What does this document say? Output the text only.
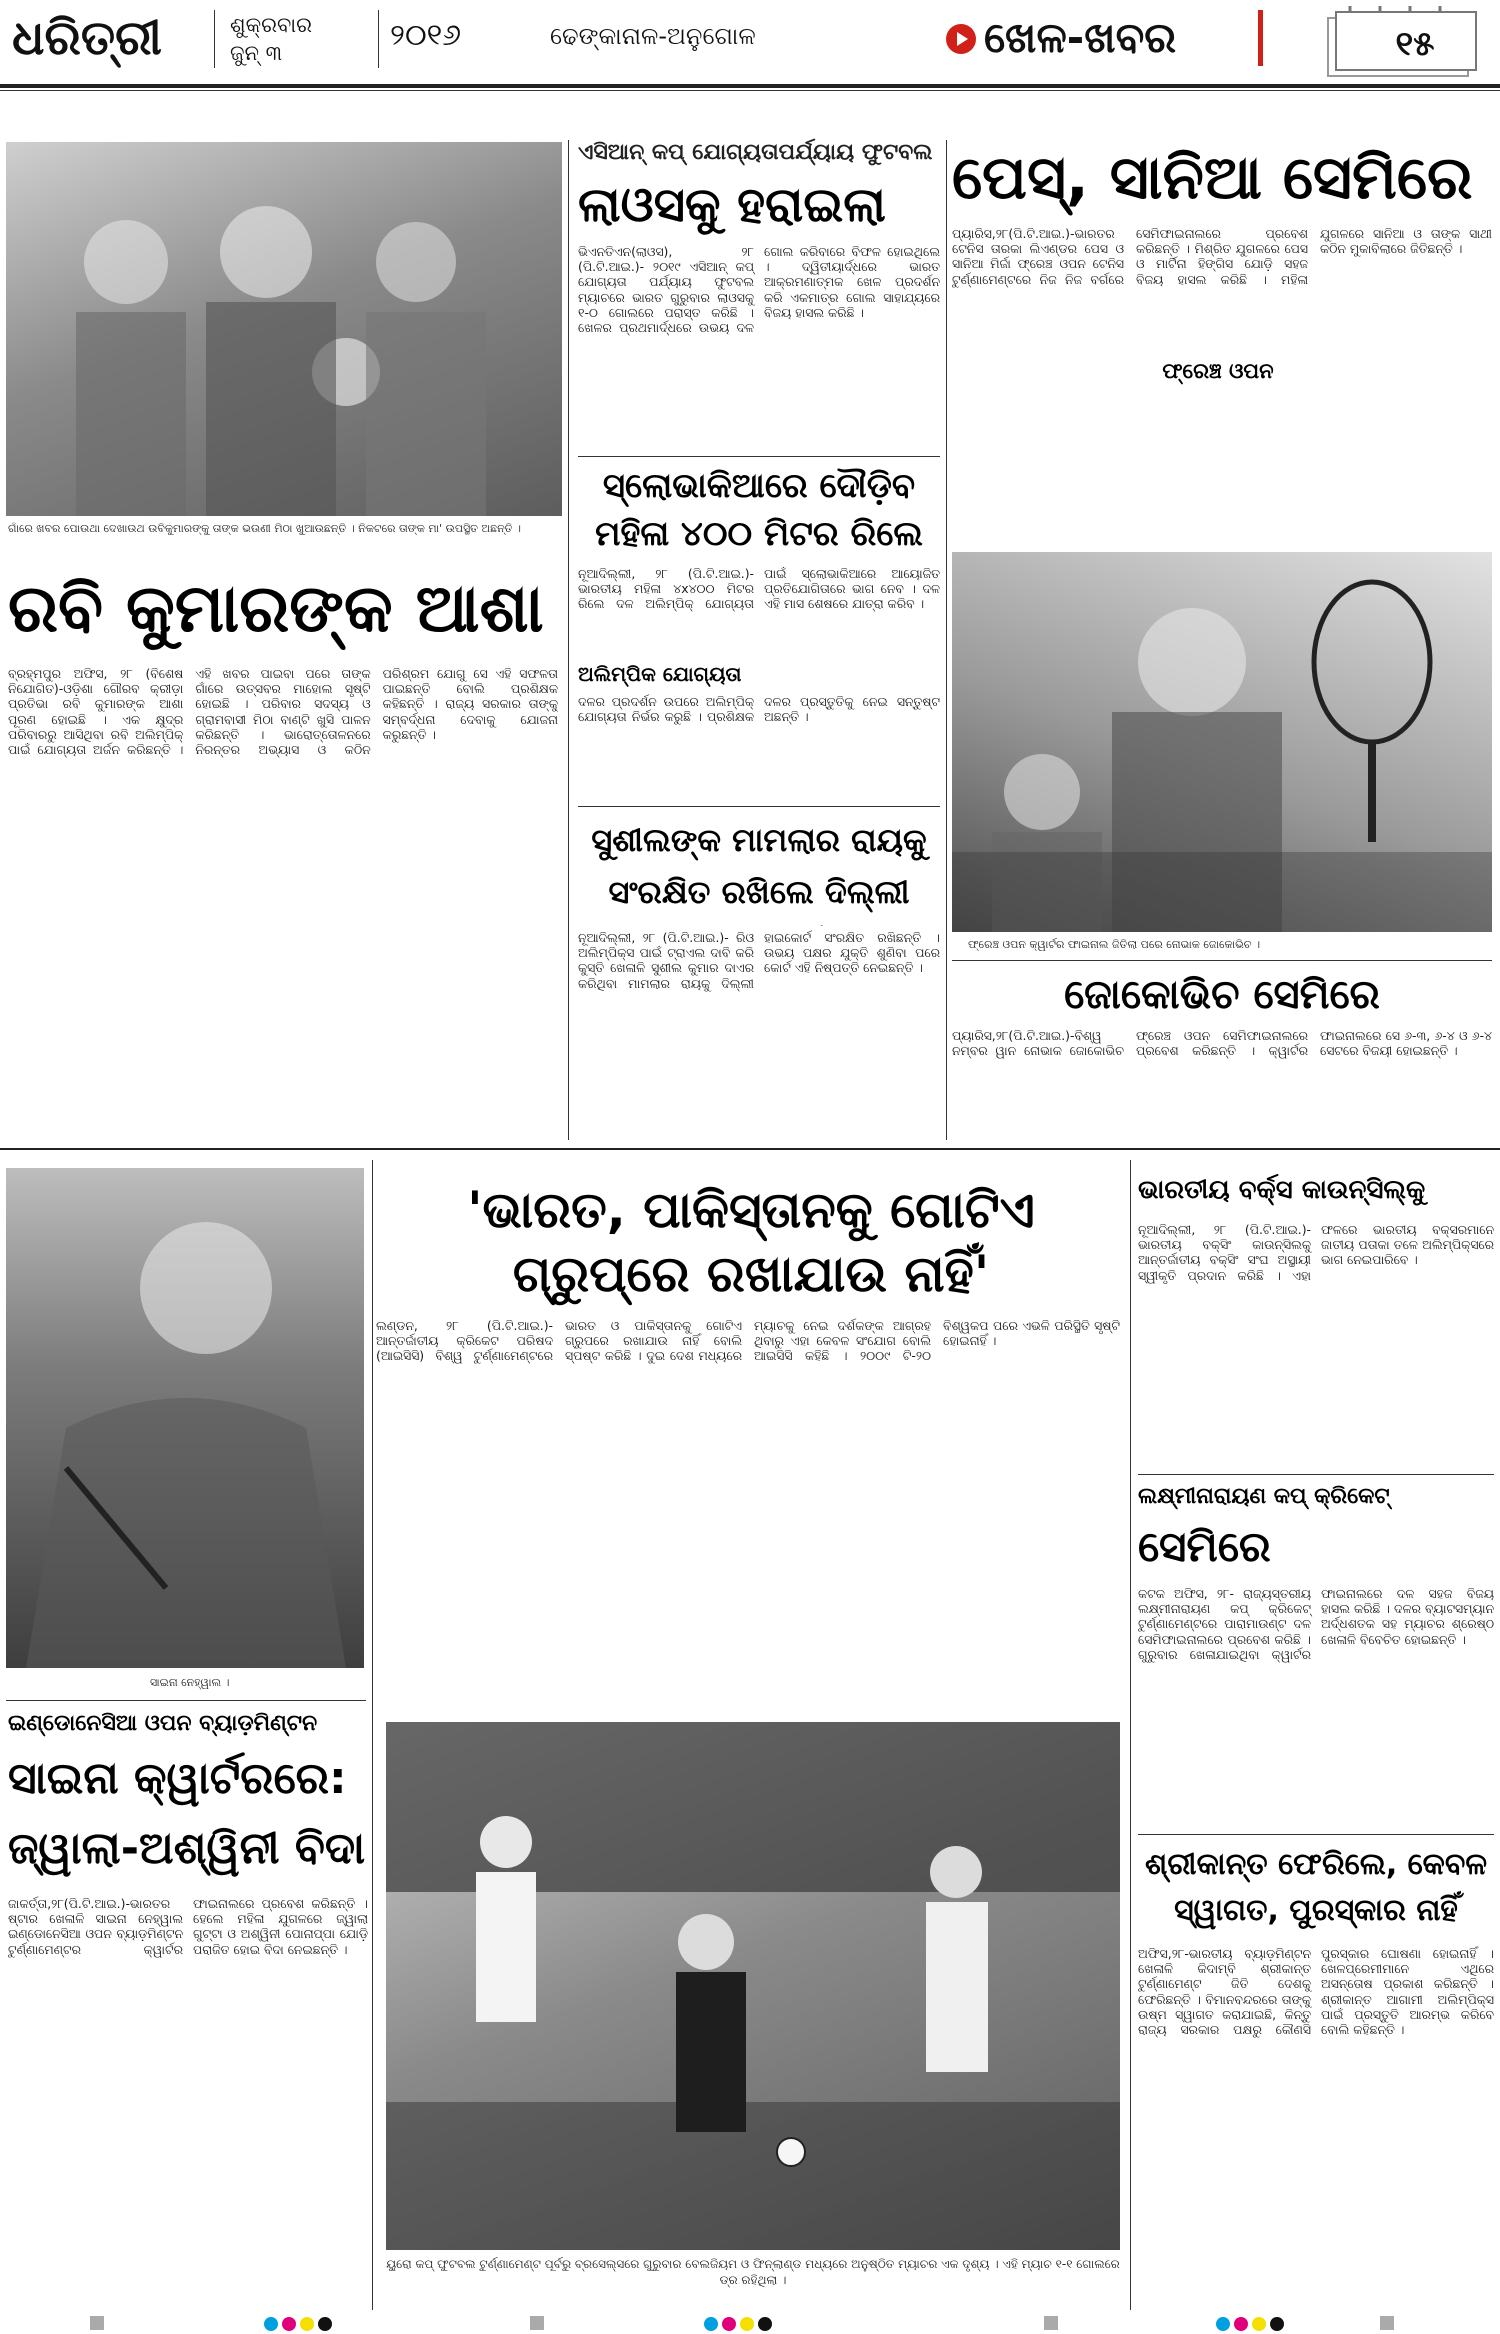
ଧରିତ୍ରୀ	ଶୁକ୍ରବାର
ଜୁନ୍ ୩	୨୦୧୬	ଢେଙ୍କାନାଳ-ଅନୁଗୋଳ	ଖେଳ-ଖବର	୧୫
ଗାଁରେ ଖବର ପୋଉଥା ଦେଖାଉଥ ଉବିକୁମାରଙ୍କୁ ତାଙ୍କ ଭଉଣୀ ମିଠା ଖୁଆଉଛନ୍ତି । ନିକଟରେ ତାଙ୍କ ମା' ଉପସ୍ଥିତ ଅଛନ୍ତି ।
ରବି କୁମାରଙ୍କ ଆଶା

ବ୍ରହ୍ମପୁର ଅଫିସ, ୨୮ (ବିଶେଷ ନିଯୋଗିତ)-ଓଡ଼ିଶା ଗୌରବ କ୍ରୀଡ଼ା ପ୍ରତିଭା ରବି କୁମାରଙ୍କ ଆଶା ପୂରଣ ହୋଇଛି । ଏକ କ୍ଷୁଦ୍ର ପରିବାରରୁ ଆସିଥିବା ରବି ଅଲିମ୍ପିକ୍ ପାଇଁ ଯୋଗ୍ୟତା ଅର୍ଜନ କରିଛନ୍ତି । ଏହି ଖବର ପାଇବା ପରେ ତାଙ୍କ ଗାଁରେ ଉତ୍ସବର ମାହୋଲ ସୃଷ୍ଟି ହୋଇଛି । ପରିବାର ସଦସ୍ୟ ଓ ଗ୍ରାମବାସୀ ମିଠା ବାଣ୍ଟି ଖୁସି ପାଳନ କରିଛନ୍ତି । ଭାରୋତ୍ତୋଳନରେ ନିରନ୍ତର ଅଭ୍ୟାସ ଓ କଠିନ ପରିଶ୍ରମ ଯୋଗୁ ସେ ଏହି ସଫଳତା ପାଇଛନ୍ତି ବୋଲି ପ୍ରଶିକ୍ଷକ କହିଛନ୍ତି । ରାଜ୍ୟ ସରକାର ତାଙ୍କୁ ସମ୍ବର୍ଦ୍ଧନା ଦେବାକୁ ଯୋଜନା କରୁଛନ୍ତି ।

ଏସିଆନ୍ କପ୍ ଯୋଗ୍ୟତାପର୍ଯ୍ୟାୟ ଫୁଟବଲ
ଲାଓସକୁ ହରାଇଲା

ଭିଏନତିଏନ(ଲାଓସ), ୨୮ (ପି.ଟି.ଆଇ.)- ୨୦୧୯ ଏସିଆନ୍ କପ୍ ଯୋଗ୍ୟତା ପର୍ଯ୍ୟାୟ ଫୁଟବଲ ମ୍ୟାଚରେ ଭାରତ ଗୁରୁବାର ଲାଓସକୁ ୧-୦ ଗୋଲରେ ପରାସ୍ତ କରିଛି । ଖେଳର ପ୍ରଥମାର୍ଦ୍ଧରେ ଉଭୟ ଦଳ ଗୋଲ କରିବାରେ ବିଫଳ ହୋଇଥିଲେ । ଦ୍ୱିତୀୟାର୍ଦ୍ଧରେ ଭାରତ ଆକ୍ରମଣାତ୍ମକ ଖେଳ ପ୍ରଦର୍ଶନ କରି ଏକମାତ୍ର ଗୋଲ ସାହାଯ୍ୟରେ ବିଜୟ ହାସଲ କରିଛି ।

ସ୍ଲୋଭାକିଆରେ ଦୌଡ଼ିବ ମହିଳା ୪୦୦ ମିଟର ରିଲେ

ନୂଆଦିଲ୍ଲୀ, ୨୮ (ପି.ଟି.ଆଇ.)- ଭାରତୀୟ ମହିଳା ୪x୪୦୦ ମିଟର ରିଲେ ଦଳ ଅଲିମ୍ପିକ୍ ଯୋଗ୍ୟତା ପାଇଁ ସ୍ଲୋଭାକିଆରେ ଆୟୋଜିତ ପ୍ରତିଯୋଗିତାରେ ଭାଗ ନେବ । ଦଳ ଏହି ମାସ ଶେଷରେ ଯାତ୍ରା କରିବ ।

ଅଲିମ୍ପିକ ଯୋଗ୍ୟତା

ଦଳର ପ୍ରଦର୍ଶନ ଉପରେ ଅଲିମ୍ପିକ୍ ଯୋଗ୍ୟତା ନିର୍ଭର କରୁଛି । ପ୍ରଶିକ୍ଷକ ଦଳର ପ୍ରସ୍ତୁତିକୁ ନେଇ ସନ୍ତୁଷ୍ଟ ଅଛନ୍ତି ।

ସୁଶୀଲଙ୍କ ମାମଲାର ରାୟକୁ ସଂରକ୍ଷିତ ରଖିଲେ ଦିଲ୍ଲୀ

ନୂଆଦିଲ୍ଲୀ, ୨୮ (ପି.ଟି.ଆଇ.)- ରିଓ ଅଲିମ୍ପିକ୍ସ ପାଇଁ ଟ୍ରାଏଲ ଦାବି କରି କୁସ୍ତି ଖେଳାଳି ସୁଶୀଲ କୁମାର ଦାଏର କରିଥିବା ମାମଲାର ରାୟକୁ ଦିଲ୍ଲୀ ହାଇକୋର୍ଟ ସଂରକ୍ଷିତ ରଖିଛନ୍ତି । ଉଭୟ ପକ୍ଷର ଯୁକ୍ତି ଶୁଣିବା ପରେ କୋର୍ଟ ଏହି ନିଷ୍ପତ୍ତି ନେଇଛନ୍ତି ।

ପେସ୍, ସାନିଆ ସେମିରେ

ପ୍ୟାରିସ,୨୮(ପି.ଟି.ଆଇ.)-ଭାରତର ଟେନିସ ତାରକା ଲିଏଣ୍ଡର ପେସ ଓ ସାନିଆ ମିର୍ଜା ଫ୍ରେଞ୍ଚ ଓପନ ଟେନିସ ଟୁର୍ଣ୍ଣାମେଣ୍ଟରେ ନିଜ ନିଜ ବର୍ଗରେ ସେମିଫାଇନାଲରେ ପ୍ରବେଶ କରିଛନ୍ତି । ମିଶ୍ରିତ ଯୁଗଳରେ ପେସ ଓ ମାର୍ଟିନା ହିଙ୍ଗିସ ଯୋଡ଼ି ସହଜ ବିଜୟ ହାସଲ କରିଛି । ମହିଳା ଯୁଗଳରେ ସାନିଆ ଓ ତାଙ୍କ ସାଥୀ କଠିନ ମୁକାବିଲାରେ ଜିତିଛନ୍ତି ।

ଫ୍ରେଞ୍ଚ ଓପନ
ଫ୍ରେଞ୍ଚ ଓପନ କ୍ୱାର୍ଟର ଫାଇନାଲ ଜିତିଲା ପରେ ନୋଭାକ ଜୋକୋଭିଚ ।
ଜୋକୋଭିଚ ସେମିରେ

ପ୍ୟାରିସ,୨୮(ପି.ଟି.ଆଇ.)-ବିଶ୍ୱ ନମ୍ବର ୱାନ ନୋଭାକ ଜୋକୋଭିଚ ଫ୍ରେଞ୍ଚ ଓପନ ସେମିଫାଇନାଲରେ ପ୍ରବେଶ କରିଛନ୍ତି । କ୍ୱାର୍ଟର ଫାଇନାଲରେ ସେ ୬-୩, ୬-୪ ଓ ୬-୪ ସେଟରେ ବିଜୟୀ ହୋଇଛନ୍ତି ।

ସାଇନା ନେହ୍ୱାଲ ।
'ଭାରତ, ପାକିସ୍ତାନକୁ ଗୋଟିଏ ଗ୍ରୁପ୍‌ରେ ରଖାଯାଉ ନାହିଁ'

ଲଣ୍ଡନ, ୨୮ (ପି.ଟି.ଆଇ.)- ଆନ୍ତର୍ଜାତୀୟ କ୍ରିକେଟ ପରିଷଦ (ଆଇସିସି) ବିଶ୍ୱ ଟୁର୍ଣ୍ଣାମେଣ୍ଟରେ ଭାରତ ଓ ପାକିସ୍ତାନକୁ ଗୋଟିଏ ଗ୍ରୁପରେ ରଖାଯାଉ ନାହିଁ ବୋଲି ସ୍ପଷ୍ଟ କରିଛି । ଦୁଇ ଦେଶ ମଧ୍ୟରେ ମ୍ୟାଚକୁ ନେଇ ଦର୍ଶକଙ୍କ ଆଗ୍ରହ ଥିବାରୁ ଏହା କେବଳ ସଂଯୋଗ ବୋଲି ଆଇସିସି କହିଛି । ୨୦୦୯ ଟି-୨୦ ବିଶ୍ୱକପ ପରେ ଏଭଳି ପରିସ୍ଥିତି ସୃଷ୍ଟି ହୋଇନାହିଁ ।

ଭାରତୀୟ ବର୍କ୍ସ କାଉନ୍ସିଲ୍‌କୁ

ନୂଆଦିଲ୍ଲୀ, ୨୮ (ପି.ଟି.ଆଇ.)- ଭାରତୀୟ ବକ୍ସିଂ କାଉନ୍ସିଲକୁ ଆନ୍ତର୍ଜାତୀୟ ବକ୍ସିଂ ସଂଘ ଅସ୍ଥାୟୀ ସ୍ୱୀକୃତି ପ୍ରଦାନ କରିଛି । ଏହା ଫଳରେ ଭାରତୀୟ ବକ୍ସରମାନେ ଜାତୀୟ ପତାକା ତଳେ ଅଲିମ୍ପିକ୍ସରେ ଭାଗ ନେଇପାରିବେ ।

ଲକ୍ଷ୍ମୀନାରାୟଣ କପ୍ କ୍ରିକେଟ୍
ସେମିରେ

କଟକ ଅଫିସ, ୨୮- ରାଜ୍ୟସ୍ତରୀୟ ଲକ୍ଷ୍ମୀନାରାୟଣ କପ୍ କ୍ରିକେଟ୍ ଟୁର୍ଣ୍ଣାମେଣ୍ଟରେ ପାରାମାଉଣ୍ଟ ଦଳ ସେମିଫାଇନାଲରେ ପ୍ରବେଶ କରିଛି । ଗୁରୁବାର ଖେଳାଯାଇଥିବା କ୍ୱାର୍ଟର ଫାଇନାଲରେ ଦଳ ସହଜ ବିଜୟ ହାସଲ କରିଛି । ଦଳର ବ୍ୟାଟସମ୍ୟାନ ଅର୍ଦ୍ଧଶତକ ସହ ମ୍ୟାଚର ଶ୍ରେଷ୍ଠ ଖେଳାଳି ବିବେଚିତ ହୋଇଛନ୍ତି ।

ଶ୍ରୀକାନ୍ତ ଫେରିଲେ, କେବଳ ସ୍ୱାଗତ, ପୁରସ୍କାର ନାହିଁ

ଅଫିସ,୨୮-ଭାରତୀୟ ବ୍ୟାଡ଼ମିଣ୍ଟନ ଖେଳାଳି କିଦାମ୍ବି ଶ୍ରୀକାନ୍ତ ଟୁର୍ଣ୍ଣାମେଣ୍ଟ ଜିତି ଦେଶକୁ ଫେରିଛନ୍ତି । ବିମାନବନ୍ଦରରେ ତାଙ୍କୁ ଉଷ୍ମ ସ୍ୱାଗତ କରାଯାଇଛି, କିନ୍ତୁ ରାଜ୍ୟ ସରକାର ପକ୍ଷରୁ କୌଣସି ପୁରସ୍କାର ଘୋଷଣା ହୋଇନାହିଁ । ଖେଳପ୍ରେମୀମାନେ ଏଥିରେ ଅସନ୍ତୋଷ ପ୍ରକାଶ କରିଛନ୍ତି । ଶ୍ରୀକାନ୍ତ ଆଗାମୀ ଅଲିମ୍ପିକ୍ସ ପାଇଁ ପ୍ରସ୍ତୁତି ଆରମ୍ଭ କରିବେ ବୋଲି କହିଛନ୍ତି ।

ଇଣ୍ଡୋନେସିଆ ଓପନ ବ୍ୟାଡ଼ମିଣ୍ଟନ
ସାଇନା କ୍ୱାର୍ଟରରେ: ଜ୍ୱାଲା-ଅଶ୍ୱିନୀ ବିଦା

ଜାକର୍ତ୍ତା,୨୮(ପି.ଟି.ଆଇ.)-ଭାରତର ଷ୍ଟାର ଖେଳାଳି ସାଇନା ନେହ୍ୱାଲ ଇଣ୍ଡୋନେସିଆ ଓପନ ବ୍ୟାଡ଼ମିଣ୍ଟନ ଟୁର୍ଣ୍ଣାମେଣ୍ଟର କ୍ୱାର୍ଟର ଫାଇନାଲରେ ପ୍ରବେଶ କରିଛନ୍ତି । ହେଲେ ମହିଳା ଯୁଗଳରେ ଜ୍ୱାଲା ଗୁଟ୍ଟା ଓ ଅଶ୍ୱିନୀ ପୋନାପ୍ପା ଯୋଡ଼ି ପରାଜିତ ହୋଇ ବିଦା ନେଇଛନ୍ତି ।

ୟୁରୋ କପ୍ ଫୁଟବଲ ଟୁର୍ଣ୍ଣାମେଣ୍ଟ ପୂର୍ବରୁ ବ୍ରସେଲ୍‌ସରେ ଗୁରୁବାର ବେଲଜିୟମ ଓ ଫିନ୍‌ଲାଣ୍ଡ ମଧ୍ୟରେ ଅନୁଷ୍ଠିତ ମ୍ୟାଚର ଏକ ଦୃଶ୍ୟ । ଏହି ମ୍ୟାଚ ୧-୧ ଗୋଲରେ ଡ୍ର ରହିଥିଲା ।
